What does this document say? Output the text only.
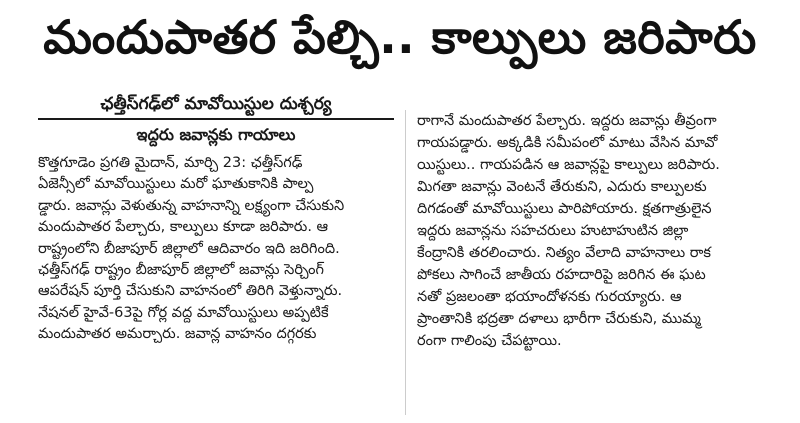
మందుపాతర పేల్చి.. కాల్పులు జరిపారు
ఛత్తీస్‌గఢ్‌లో మావోయిస్టుల దుశ్చర్య
ఇద్దరు జవాన్లకు గాయాలు
కొత్తగూడెం ప్రగతి మైదాన్, మార్చి 23: ఛత్తీస్‌గఢ్
ఏజెన్సీలో మావోయిస్టులు మరో ఘాతుకానికి పాల్ప
డ్డారు. జవాన్లు వెళుతున్న వాహనాన్ని లక్ష్యంగా చేసుకుని
మందుపాతర పేల్చారు, కాల్పులు కూడా జరిపారు. ఆ
రాష్ట్రంలోని బీజాపూర్ జిల్లాలో ఆదివారం ఇది జరిగింది.
ఛత్తీస్‌గఢ్ రాష్ట్రం బీజాపూర్ జిల్లాలో జవాన్లు సెర్చింగ్
ఆపరేషన్ పూర్తి చేసుకుని వాహనంలో తిరిగి వెళ్తున్నారు.
నేషనల్ హైవే-63పై గోర్ల వద్ద మావోయిస్టులు అప్పటికే
మందుపాతర అమర్చారు. జవాన్ల వాహనం దగ్గరకు
రాగానే మందుపాతర పేల్చారు. ఇద్దరు జవాన్లు తీవ్రంగా
గాయపడ్డారు. అక్కడికి సమీపంలో మాటు వేసిన మావో
యిస్టులు.. గాయపడిన ఆ జవాన్లపై కాల్పులు జరిపారు.
మిగతా జవాన్లు వెంటనే తేరుకుని, ఎదురు కాల్పులకు
దిగడంతో మావోయిస్టులు పారిపోయారు. క్షతగాత్రులైన
ఇద్దరు జవాన్లను సహచరులు హుటాహుటిన జిల్లా
కేంద్రానికి తరలించారు. నిత్యం వేలాది వాహనాలు రాక
పోకలు సాగించే జాతీయ రహదారిపై జరిగిన ఈ ఘట
నతో ప్రజలంతా భయాందోళనకు గురయ్యారు. ఆ
ప్రాంతానికి భద్రతా దళాలు భారీగా చేరుకుని, ముమ్మ
రంగా గాలింపు చేపట్టాయి.
